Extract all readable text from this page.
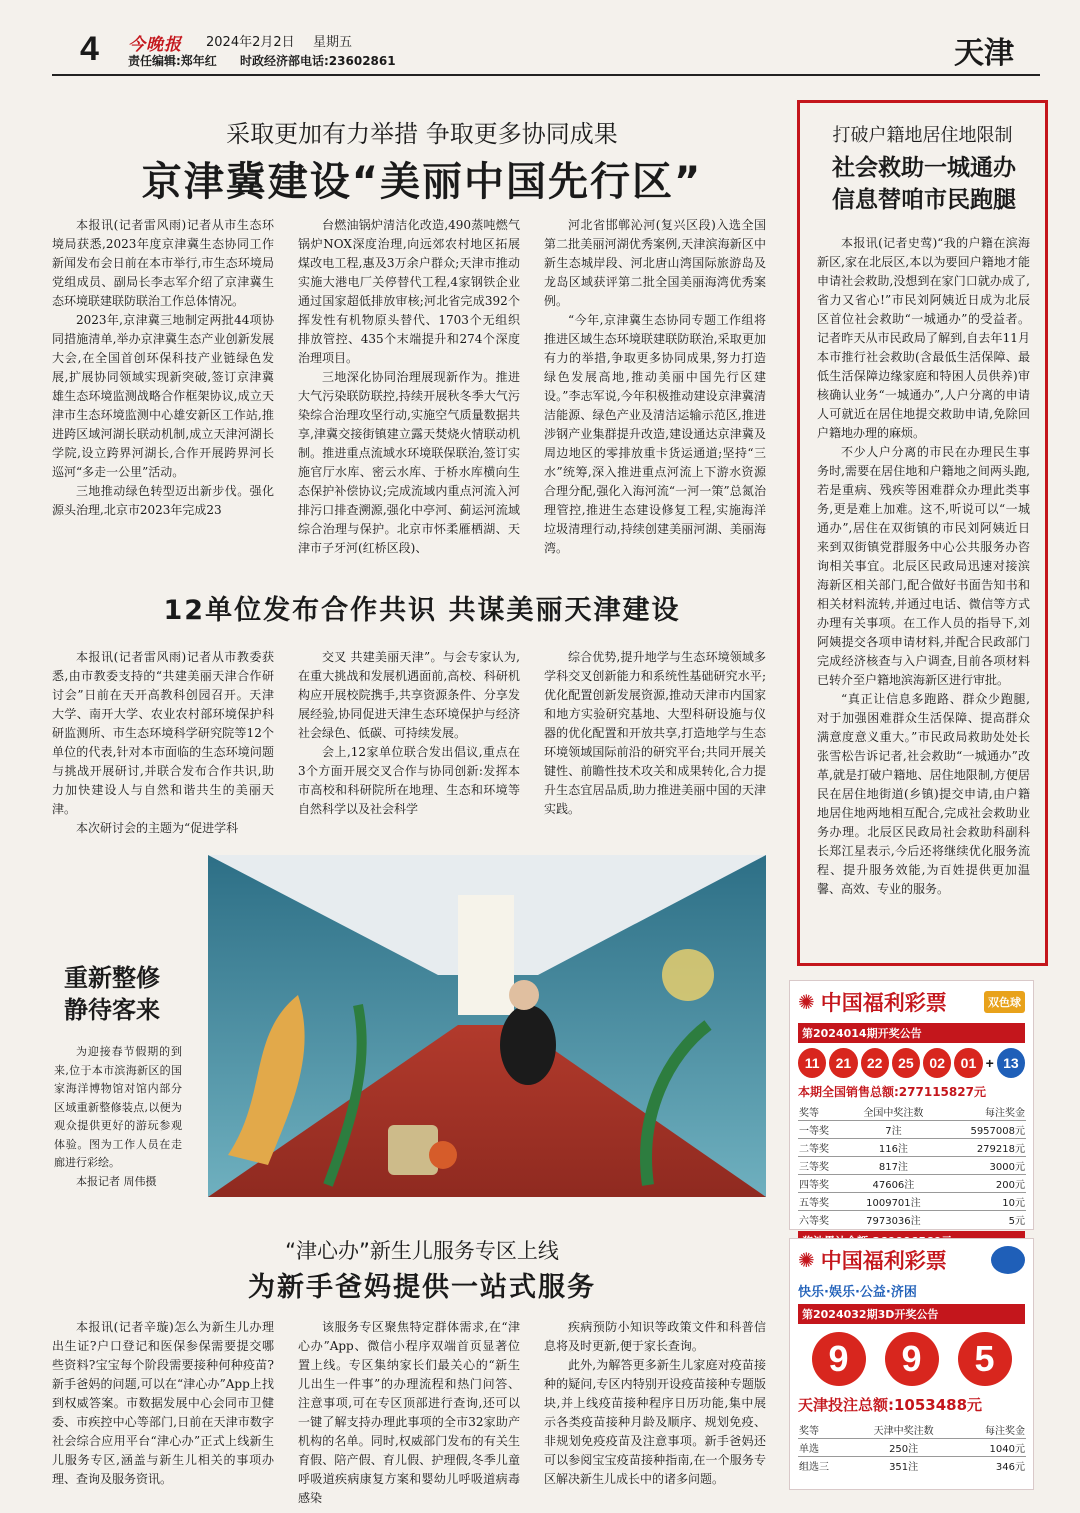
4 今晚报 2024年2月2日 星期五
责任编辑:郑年红 时政经济部电话:23602861	天津
采取更加有力举措 争取更多协同成果
京津冀建设“美丽中国先行区”

本报讯(记者雷风雨)记者从市生态环境局获悉,2023年度京津冀生态协同工作新闻发布会日前在本市举行,市生态环境局党组成员、副局长李志军介绍了京津冀生态环境联建联防联治工作总体情况。

2023年,京津冀三地制定两批44项协同措施清单,举办京津冀生态产业创新发展大会,在全国首创环保科技产业链绿色发展,扩展协同领域实现新突破,签订京津冀雄生态环境监测战略合作框架协议,成立天津市生态环境监测中心雄安新区工作站,推进跨区域河湖长联动机制,成立天津河湖长学院,设立跨界河湖长,合作开展跨界河长巡河“多走一公里”活动。

三地推动绿色转型迈出新步伐。强化源头治理,北京市2023年完成23

台燃油锅炉清洁化改造,490蒸吨燃气锅炉NOX深度治理,向远郊农村地区拓展煤改电工程,惠及3万余户群众;天津市推动实施大港电厂关停替代工程,4家钢铁企业通过国家超低排放审核;河北省完成392个挥发性有机物原头替代、1703个无组织排放管控、435个末端提升和274个深度治理项目。

三地深化协同治理展现新作为。推进大气污染联防联控,持续开展秋冬季大气污染综合治理攻坚行动,实施空气质量数据共享,津冀交接街镇建立露天焚烧火情联动机制。推进重点流域水环境联保联治,签订实施官厅水库、密云水库、于桥水库横向生态保护补偿协议;完成流域内重点河流入河排污口排查溯源,强化中亭河、蓟运河流域综合治理与保护。北京市怀柔雁栖湖、天津市子牙河(红桥区段)、

河北省邯郸沁河(复兴区段)入选全国第二批美丽河湖优秀案例,天津滨海新区中新生态城岸段、河北唐山湾国际旅游岛及龙岛区域获评第二批全国美丽海湾优秀案例。

“今年,京津冀生态协同专题工作组将推进区域生态环境联建联防联治,采取更加有力的举措,争取更多协同成果,努力打造绿色发展高地,推动美丽中国先行区建设。”李志军说,今年积极推动建设京津冀清洁能源、绿色产业及清洁运输示范区,推进涉钢产业集群提升改造,建设通达京津冀及周边地区的零排放重卡货运通道;坚持“三水”统筹,深入推进重点河流上下游水资源合理分配,强化入海河流“一河一策”总氮治理管控,推进生态建设修复工程,实施海洋垃圾清理行动,持续创建美丽河湖、美丽海湾。

12单位发布合作共识 共谋美丽天津建设

本报讯(记者雷风雨)记者从市教委获悉,由市教委支持的“共建美丽天津合作研讨会”日前在天开高教科创园召开。天津大学、南开大学、农业农村部环境保护科研监测所、市生态环境科学研究院等12个单位的代表,针对本市面临的生态环境问题与挑战开展研讨,并联合发布合作共识,助力加快建设人与自然和谐共生的美丽天津。

本次研讨会的主题为“促进学科

交叉 共建美丽天津”。与会专家认为,在重大挑战和发展机遇面前,高校、科研机构应开展校院携手,共享资源条件、分享发展经验,协同促进天津生态环境保护与经济社会绿色、低碳、可持续发展。

会上,12家单位联合发出倡议,重点在3个方面开展交叉合作与协同创新:发挥本市高校和科研院所在地理、生态和环境等自然科学以及社会科学

综合优势,提升地学与生态环境领域多学科交叉创新能力和系统性基础研究水平;优化配置创新发展资源,推动天津市内国家和地方实验研究基地、大型科研设施与仪器的优化配置和开放共享,打造地学与生态环境领域国际前沿的研究平台;共同开展关键性、前瞻性技术攻关和成果转化,合力提升生态宜居品质,助力推进美丽中国的天津实践。

重新整修
静待客来

为迎接春节假期的到来,位于本市滨海新区的国家海洋博物馆对馆内部分区域重新整修装点,以便为观众提供更好的游玩参观体验。图为工作人员在走廊进行彩绘。

本报记者 周伟摄

“津心办”新生儿服务专区上线
为新手爸妈提供一站式服务

本报讯(记者辛璇)怎么为新生儿办理出生证?户口登记和医保参保需要提交哪些资料?宝宝每个阶段需要接种何种疫苗?新手爸妈的问题,可以在“津心办”App上找到权威答案。市数据发展中心会同市卫健委、市疾控中心等部门,日前在天津市数字社会综合应用平台“津心办”正式上线新生儿服务专区,涵盖与新生儿相关的事项办理、查询及服务资讯。

该服务专区聚焦特定群体需求,在“津心办”App、微信小程序双端首页显著位置上线。专区集纳家长们最关心的“新生儿出生一件事”的办理流程和热门问答、注意事项,可在专区顶部进行查询,还可以一键了解支持办理此事项的全市32家助产机构的名单。同时,权威部门发布的有关生育假、陪产假、育儿假、护理假,冬季儿童呼吸道疾病康复方案和婴幼儿呼吸道病毒感染

疾病预防小知识等政策文件和科普信息将及时更新,便于家长查询。

此外,为解答更多新生儿家庭对疫苗接种的疑问,专区内特别开设疫苗接种专题版块,并上线疫苗接种程序日历功能,集中展示各类疫苗接种月龄及顺序、规划免疫、非规划免疫疫苗及注意事项。新手爸妈还可以参阅宝宝疫苗接种指南,在一个服务专区解决新生儿成长中的诸多问题。

打破户籍地居住地限制
社会救助一城通办
信息替咱市民跑腿

本报讯(记者史莺)“我的户籍在滨海新区,家在北辰区,本以为要回户籍地才能申请社会救助,没想到在家门口就办成了,省力又省心!”市民刘阿姨近日成为北辰区首位社会救助“一城通办”的受益者。记者昨天从市民政局了解到,自去年11月本市推行社会救助(含最低生活保障、最低生活保障边缘家庭和特困人员供养)审核确认业务“一城通办”,人户分离的申请人可就近在居住地提交救助申请,免除回户籍地办理的麻烦。

不少人户分离的市民在办理民生事务时,需要在居住地和户籍地之间两头跑,若是重病、残疾等困难群众办理此类事务,更是难上加难。这不,听说可以“一城通办”,居住在双街镇的市民刘阿姨近日来到双街镇党群服务中心公共服务办咨询相关事宜。北辰区民政局迅速对接滨海新区相关部门,配合做好书面告知书和相关材料流转,并通过电话、微信等方式办理有关事项。在工作人员的指导下,刘阿姨提交各项申请材料,并配合民政部门完成经济核查与入户调查,目前各项材料已转介至户籍地滨海新区进行审批。

“真正让信息多跑路、群众少跑腿,对于加强困难群众生活保障、提高群众满意度意义重大。”市民政局救助处处长张雪松告诉记者,社会救助“一城通办”改革,就是打破户籍地、居住地限制,方便居民在居住地街道(乡镇)提交申请,由户籍地居住地两地相互配合,完成社会救助业务办理。北辰区民政局社会救助科副科长郑江星表示,今后还将继续优化服务流程、提升服务效能,为百姓提供更加温馨、高效、专业的服务。

✺ 中国福利彩票	双色球
第2024014期开奖公告
11	21	22	25	02	01 + 13
本期全国销售总额:277115827元
奖等	全国中奖注数	每注奖金
一等奖	7注	5957008元
二等奖	116注	279218元
三等奖	817注	3000元
四等奖	47606注	200元
五等奖	1009701注	10元
六等奖	7973036注	5元
✺ 中国福利彩票
快乐·娱乐·公益·济困
第2024032期3D开奖公告
9	9	5
天津投注总额:1053488元
奖等	天津中奖注数	每注奖金
单选	250注	1040元
组选三	351注	346元
